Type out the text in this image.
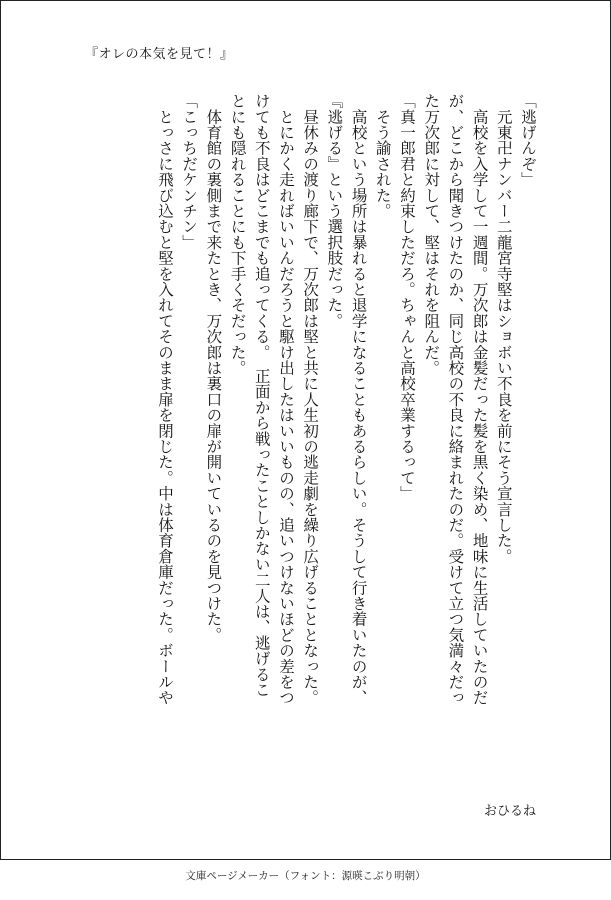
『オレの本気を見て！』
「逃げんぞ」
　元東卍ナンバー二龍宮寺堅はショボい不良を前にそう宣言した。
　高校を入学して一週間。万次郎は金髪だった髪を黒く染め、地味に生活していたのだ
が、どこから聞きつけたのか、同じ高校の不良に絡まれたのだ。受けて立つ気満々だっ
た万次郎に対して、堅はそれを阻んだ。
「真一郎君と約束しただろ。ちゃんと高校卒業するって」
　そう諭された。
　高校という場所は暴れると退学になることもあるらしい。そうして行き着いたのが、
『逃げる』という選択肢だった。
　昼休みの渡り廊下で、万次郎は堅と共に人生初の逃走劇を繰り広げることとなった。
　とにかく走ればいいんだろうと駆け出したはいいものの、追いつけないほどの差をつ
けても不良はどこまでも追ってくる。　正面から戦ったことしかない二人は、逃げるこ
とにも隠れることにも下手くそだった。
　体育館の裏側まで来たとき、万次郎は裏口の扉が開いているのを見つけた。
「こっちだケンチン」
　とっさに飛び込むと堅を入れてそのまま扉を閉じた。中は体育倉庫だった。ボールや
おひるね
文庫ページメーカー（フォント：源暎こぶり明朝）
